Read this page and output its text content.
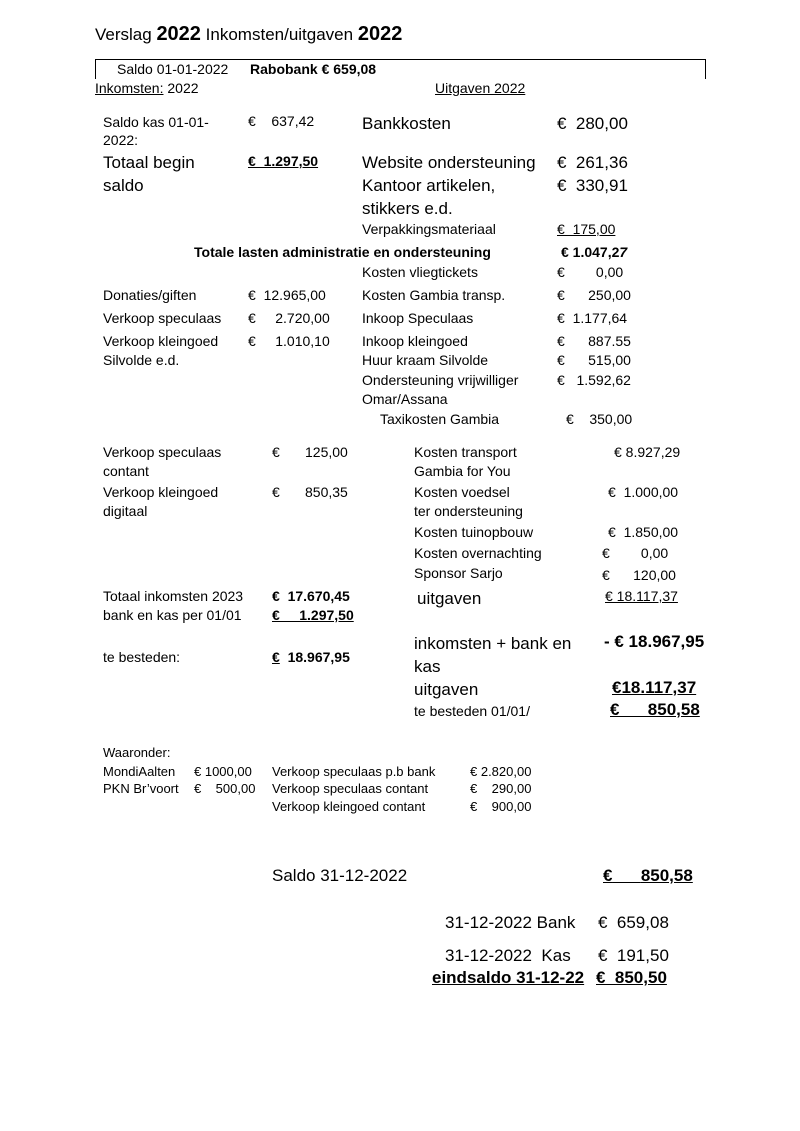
Verslag 2022 Inkomsten/uitgaven 2022
Saldo 01-01-2022 Rabobank € 659,08
Inkomsten: 2022	Uitgaven 2022
Saldo kas 01-01-
2022:
€    637,42
Totaal begin
saldo
€  1.297,50
Donaties/giften	€  12.965,00
Verkoop speculaas €     2.720,00
Verkoop kleingoed €     1.010,10
Silvolde e.d.
Verkoop speculaas
contant
€ 125,00
Verkoop kleingoed
digitaal
€ 850,35
Totaal inkomsten 2023 €  17.670,45
bank en kas per 01/01 €     1.297,50
te besteden:	€  18.967,95
Bankkosten	€  280,00
Website ondersteuning €  261,36
Kantoor artikelen,
stikkers e.d.
€  330,91
Verpakkingsmateriaal	€  175,00
Totale lasten administratie en ondersteuning	€ 1.047,27
Kosten vliegtickets	€        0,00
Kosten Gambia transp.	€      250,00
Inkoop Speculaas	€  1.177,64
Inkoop kleingoed	€      887.55
Huur kraam Silvolde	€      515,00
Ondersteuning vrijwilliger	€   1.592,62
Omar/Assana
Taxikosten Gambia	€    350,00
Kosten transport
Gambia for You
€ 8.927,29
Kosten voedsel
ter ondersteuning
€  1.000,00
Kosten tuinopbouw	€  1.850,00
Kosten overnachting	€        0,00
Sponsor Sarjo	€      120,00
uitgaven	€ 18.117,37
inkomsten + bank en
kas
- € 18.967,95
uitgaven	€18.117,37
te besteden 01/01/	€      850,58
Waaronder:
MondiAalten € 1000,00
PKN Br’voort €    500,00
Verkoop speculaas p.b bank	€ 2.820,00
Verkoop speculaas contant	€    290,00
Verkoop kleingoed contant	€    900,00
Saldo 31-12-2022	€ 850,58
31-12-2022 Bank €  659,08
31-12-2022  Kas €  191,50
eindsaldo 31-12-22 €  850,50
